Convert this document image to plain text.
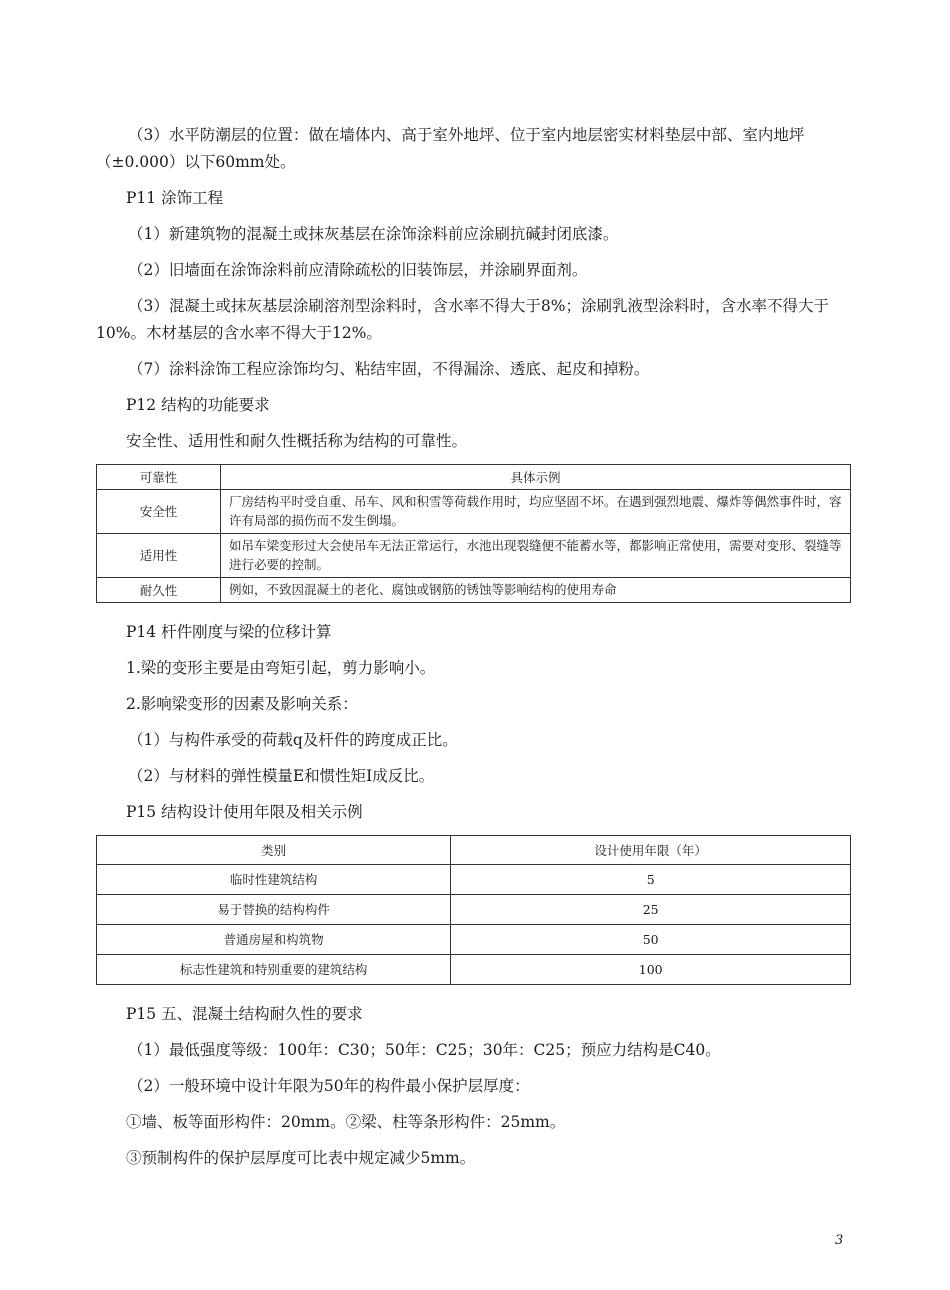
（3）水平防潮层的位置：做在墙体内、高于室外地坪、位于室内地层密实材料垫层中部、室内地坪（±0.000）以下60mm处。

P11 涂饰工程

（1）新建筑物的混凝土或抹灰基层在涂饰涂料前应涂刷抗碱封闭底漆。

（2）旧墙面在涂饰涂料前应清除疏松的旧装饰层，并涂刷界面剂。

（3）混凝土或抹灰基层涂刷溶剂型涂料时，含水率不得大于8%；涂刷乳液型涂料时，含水率不得大于10%。木材基层的含水率不得大于12%。

（7）涂料涂饰工程应涂饰均匀、粘结牢固，不得漏涂、透底、起皮和掉粉。

P12 结构的功能要求

安全性、适用性和耐久性概括称为结构的可靠性。

可靠性	具体示例
安全性	厂房结构平时受自重、吊车、风和积雪等荷载作用时，均应坚固不坏。在遇到强烈地震、爆炸等偶然事件时，容许有局部的损伤而不发生倒塌。
适用性	如吊车梁变形过大会使吊车无法正常运行，水池出现裂缝便不能蓄水等，都影响正常使用，需要对变形、裂缝等进行必要的控制。
耐久性	例如，不致因混凝土的老化、腐蚀或钢筋的锈蚀等影响结构的使用寿命

P14 杆件刚度与梁的位移计算

1.梁的变形主要是由弯矩引起，剪力影响小。

2.影响梁变形的因素及影响关系：

（1）与构件承受的荷载q及杆件的跨度成正比。

（2）与材料的弹性模量E和惯性矩I成反比。

P15 结构设计使用年限及相关示例

类别	设计使用年限（年）
临时性建筑结构	5
易于替换的结构构件	25
普通房屋和构筑物	50
标志性建筑和特别重要的建筑结构	100

P15 五、混凝土结构耐久性的要求

（1）最低强度等级：100年：C30；50年：C25；30年：C25；预应力结构是C40。

（2）一般环境中设计年限为50年的构件最小保护层厚度：

①墙、板等面形构件：20mm。②梁、柱等条形构件：25mm。

③预制构件的保护层厚度可比表中规定减少5mm。

3
